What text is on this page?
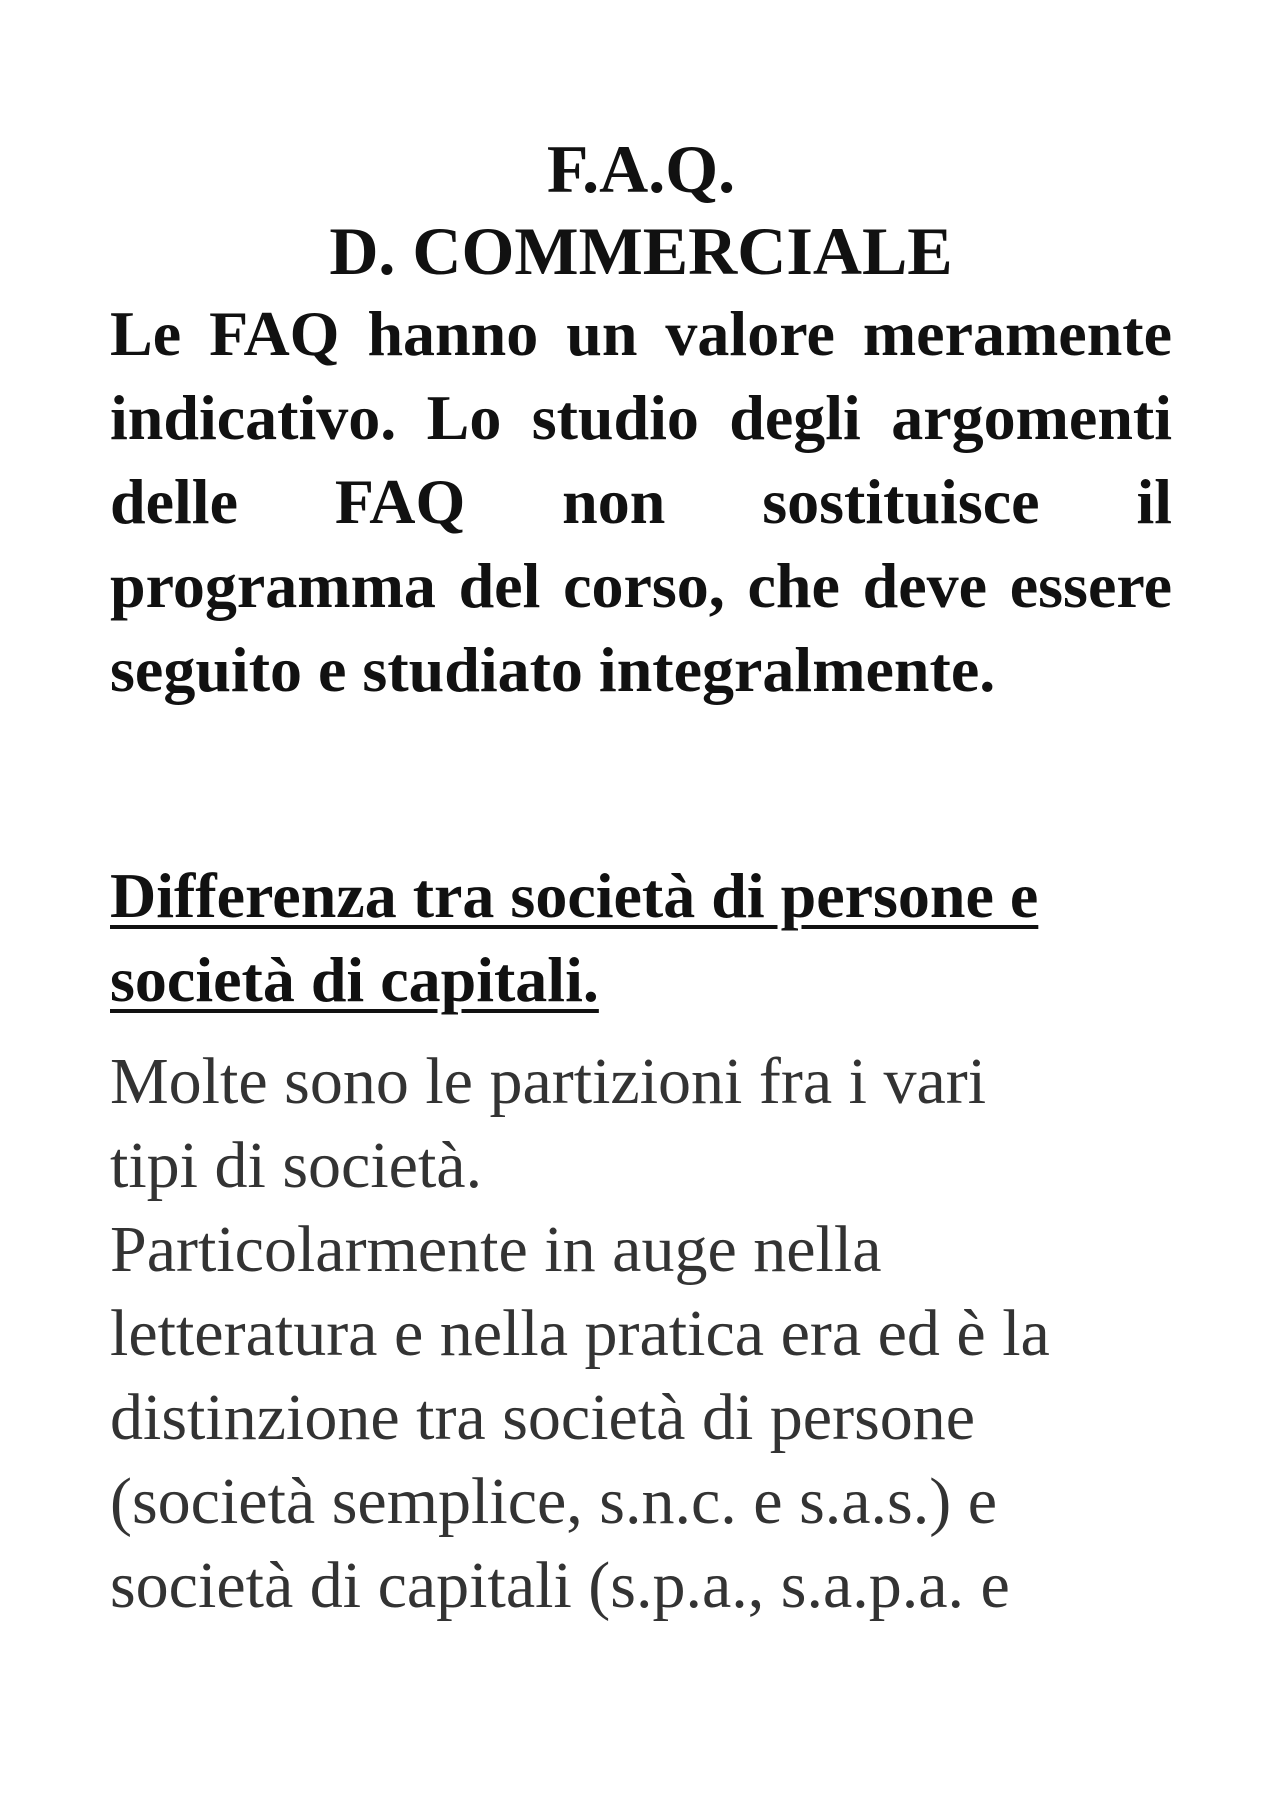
F.A.Q.

D. COMMERCIALE

Le FAQ hanno un valore meramente indicativo. Lo studio degli argomenti delle FAQ non sostituisce il programma del corso, che deve essere seguito e studiato integralmente.

Differenza tra società di persone e società di capitali.

Molte sono le partizioni fra i vari
tipi di società.
Particolarmente in auge nella
letteratura e nella pratica era ed è la
distinzione tra società di persone
(società semplice, s.n.c. e s.a.s.) e
società di capitali (s.p.a., s.a.p.a. e
